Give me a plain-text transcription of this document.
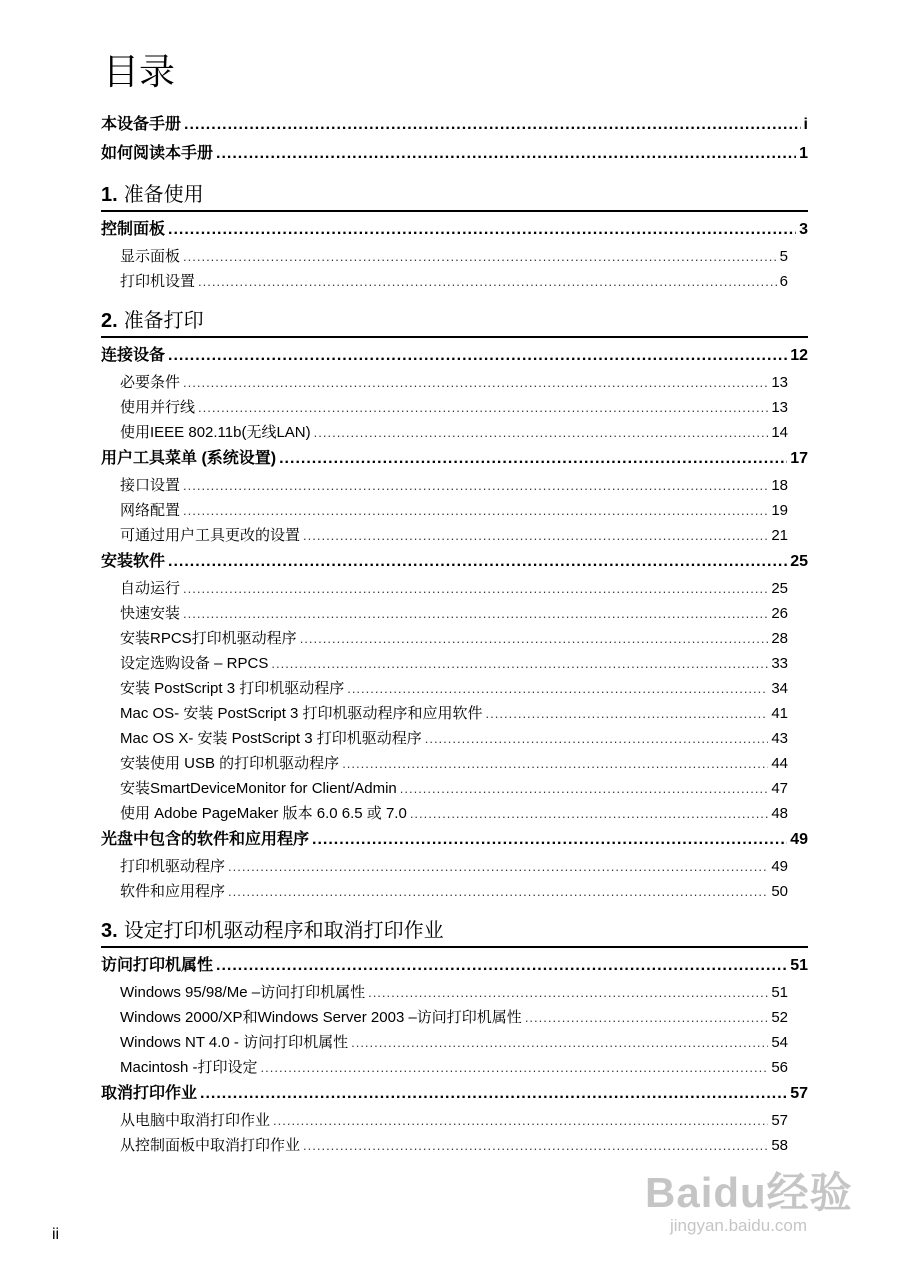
目录
本设备手册 .....	i
如何阅读本手册 .....	1
1. 准备使用
控制面板 .....	3
显示面板 .....	5
打印机设置 .....	6
2. 准备打印
连接设备 .....	12
必要条件 .....	13
使用并行线 .....	13
使用IEEE 802.11b(无线LAN) .....	14
用户工具菜单 (系统设置) .....	17
接口设置 .....	18
网络配置 .....	19
可通过用户工具更改的设置 .....	21
安装软件 .....	25
自动运行 .....	25
快速安装 .....	26
安装RPCS打印机驱动程序 .....	28
设定选购设备 – RPCS .....	33
安装 PostScript 3 打印机驱动程序 .....	34
Mac OS- 安装 PostScript 3 打印机驱动程序和应用软件 .....	41
Mac OS X- 安装 PostScript 3 打印机驱动程序 .....	43
安装使用 USB 的打印机驱动程序 .....	44
安装SmartDeviceMonitor for Client/Admin .....	47
使用 Adobe PageMaker 版本 6.0 6.5 或 7.0 .....	48
光盘中包含的软件和应用程序 .....	49
打印机驱动程序 .....	49
软件和应用程序 .....	50
3. 设定打印机驱动程序和取消打印作业
访问打印机属性 .....	51
Windows 95/98/Me –访问打印机属性 .....	51
Windows 2000/XP和Windows Server 2003 –访问打印机属性 .....	52
Windows NT 4.0 - 访问打印机属性 .....	54
Macintosh -打印设定 .....	56
取消打印作业 .....	57
从电脑中取消打印作业 .....	57
从控制面板中取消打印作业 .....	58
ii
Baidu经验
jingyan.baidu.com
